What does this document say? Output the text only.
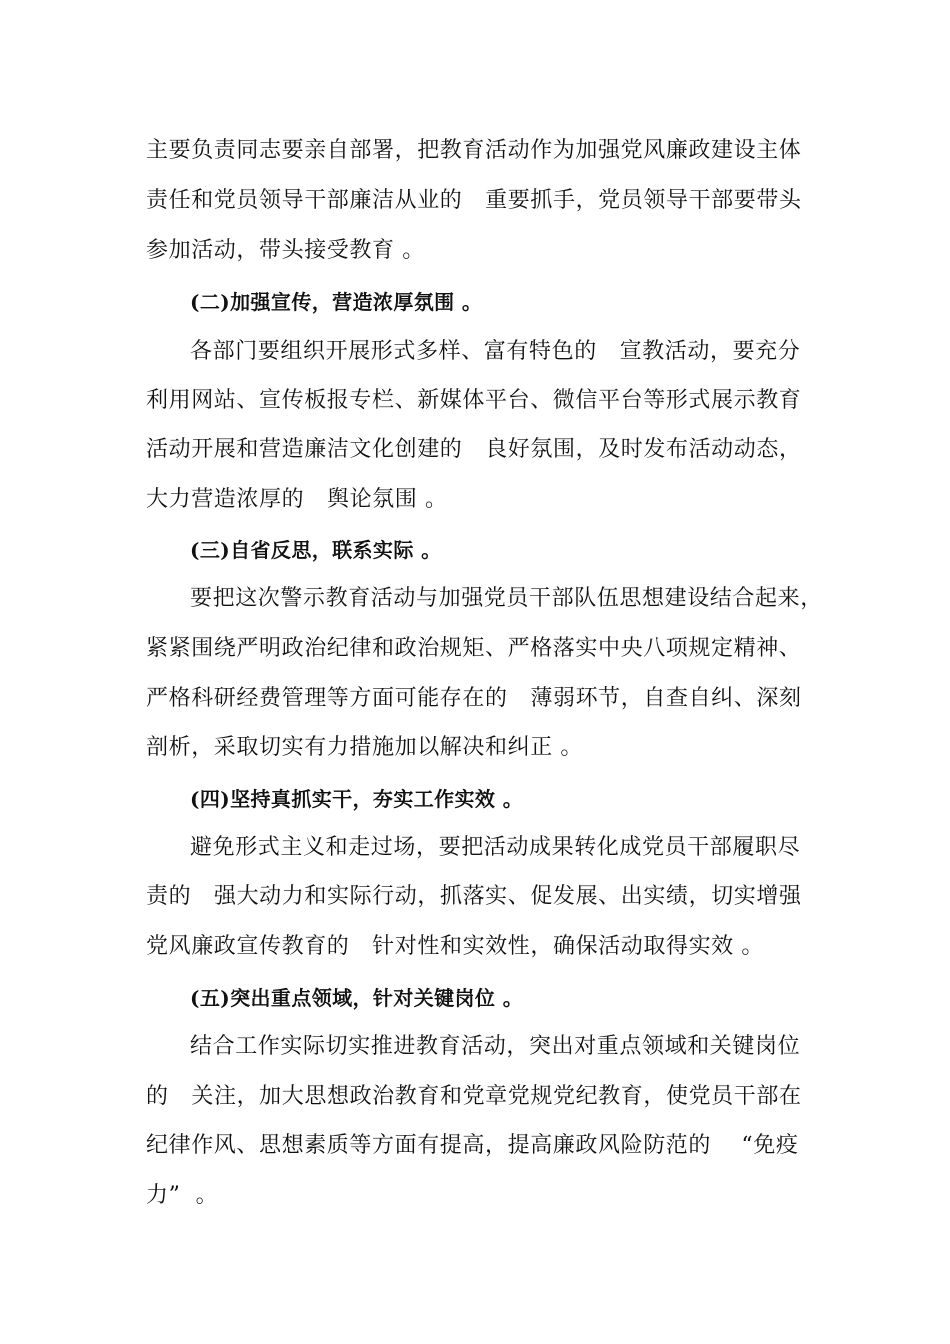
主要负责同志要亲自部署，把教育活动作为加强党风廉政建设主体
责任和党员领导干部廉洁从业的   重要抓手，党员领导干部要带头
参加活动，带头接受教育 。
(二)加强宣传，营造浓厚氛围 。
各部门要组织开展形式多样、富有特色的   宣教活动，要充分
利用网站、宣传板报专栏、新媒体平台、微信平台等形式展示教育
活动开展和营造廉洁文化创建的   良好氛围，及时发布活动动态，
大力营造浓厚的   舆论氛围 。
(三)自省反思，联系实际 。
要把这次警示教育活动与加强党员干部队伍思想建设结合起来，
紧紧围绕严明政治纪律和政治规矩、严格落实中央八项规定精神、
严格科研经费管理等方面可能存在的   薄弱环节，自查自纠、深刻
剖析，采取切实有力措施加以解决和纠正 。
(四)坚持真抓实干，夯实工作实效 。
避免形式主义和走过场，要把活动成果转化成党员干部履职尽
责的   强大动力和实际行动，抓落实、促发展、出实绩，切实增强
党风廉政宣传教育的   针对性和实效性，确保活动取得实效 。
(五)突出重点领域，针对关键岗位 。
结合工作实际切实推进教育活动，突出对重点领域和关键岗位
的   关注，加大思想政治教育和党章党规党纪教育，使党员干部在
纪律作风、思想素质等方面有提高，提高廉政风险防范的    “免疫
力”  。
